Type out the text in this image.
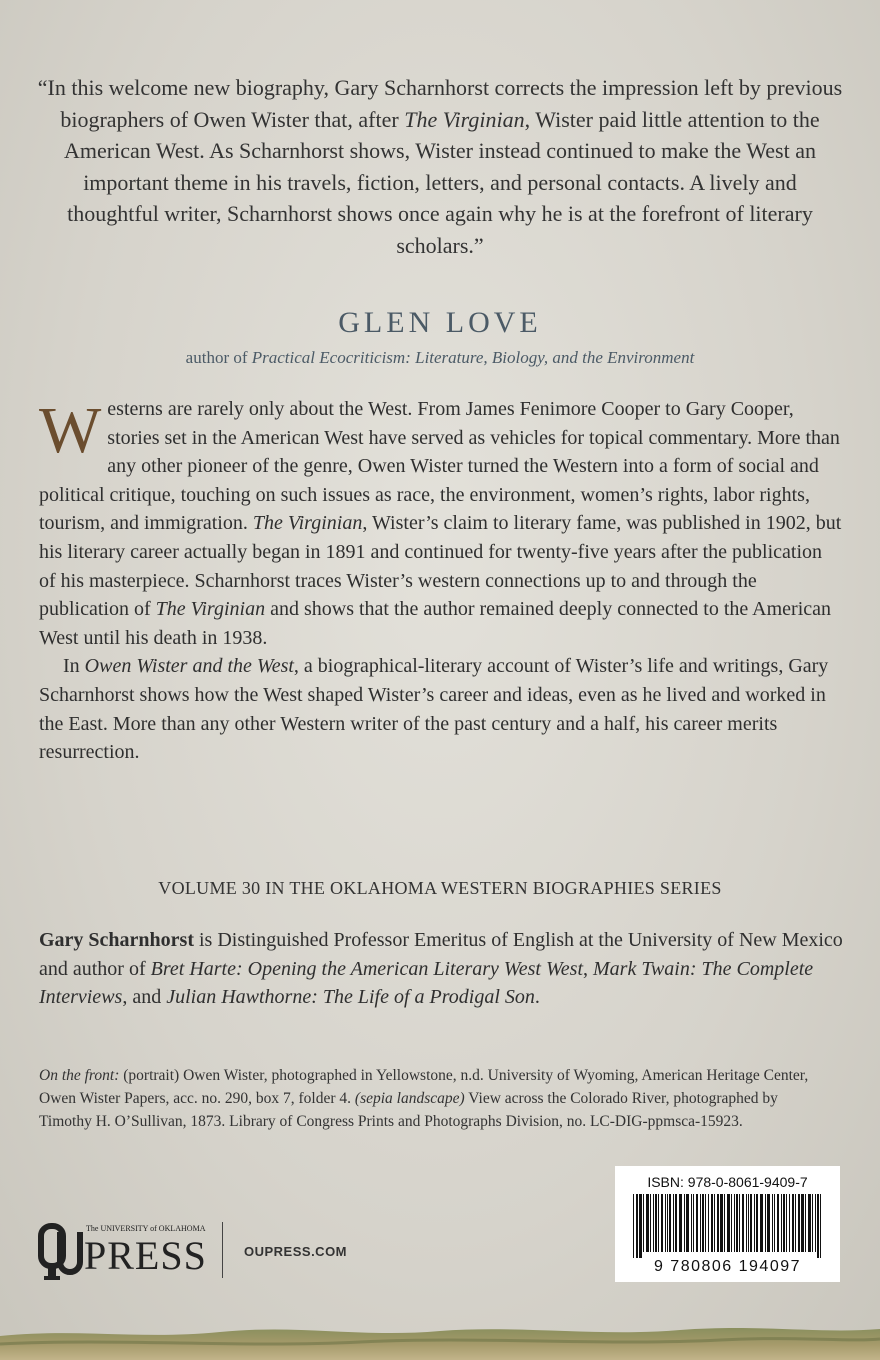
“In this welcome new biography, Gary Scharnhorst corrects the impression left by previous biographers of Owen Wister that, after The Virginian, Wister paid little attention to the American West. As Scharnhorst shows, Wister instead continued to make the West an important theme in his travels, fiction, letters, and personal contacts. A lively and thoughtful writer, Scharnhorst shows once again why he is at the forefront of literary scholars.”
GLEN LOVE
author of Practical Ecocriticism: Literature, Biology, and the Environment

Westerns are rarely only about the West. From James Fenimore Cooper to Gary Cooper, stories set in the American West have served as vehicles for topical commentary. More than any other pioneer of the genre, Owen Wister turned the Western into a form of social and political critique, touching on such issues as race, the environment, women’s rights, labor rights, tourism, and immigration. The Virginian, Wister’s claim to literary fame, was published in 1902, but his literary career actually began in 1891 and continued for twenty-five years after the publication of his masterpiece. Scharnhorst traces Wister’s western connections up to and through the publication of The Virginian and shows that the author remained deeply connected to the American West until his death in 1938.

In Owen Wister and the West, a biographical-literary account of Wister’s life and writings, Gary Scharnhorst shows how the West shaped Wister’s career and ideas, even as he lived and worked in the East. More than any other Western writer of the past century and a half, his career merits resurrection.

VOLUME 30 IN THE OKLAHOMA WESTERN BIOGRAPHIES SERIES
Gary Scharnhorst is Distinguished Professor Emeritus of English at the University of New Mexico and author of Bret Harte: Opening the American Literary West West, Mark Twain: The Complete Interviews, and Julian Hawthorne: The Life of a Prodigal Son.
On the front: (portrait) Owen Wister, photographed in Yellowstone, n.d. University of Wyoming, American Heritage Center, Owen Wister Papers, acc. no. 290, box 7, folder 4. (sepia landscape) View across the Colorado River, photographed by Timothy H. O’Sullivan, 1873. Library of Congress Prints and Photographs Division, no. LC-DIG-ppmsca-15923.
ISBN: 978-0-8061-9409-7
9 780806 194097
The UNIVERSITY of OKLAHOMA
PRESS	OUPRESS.COM
